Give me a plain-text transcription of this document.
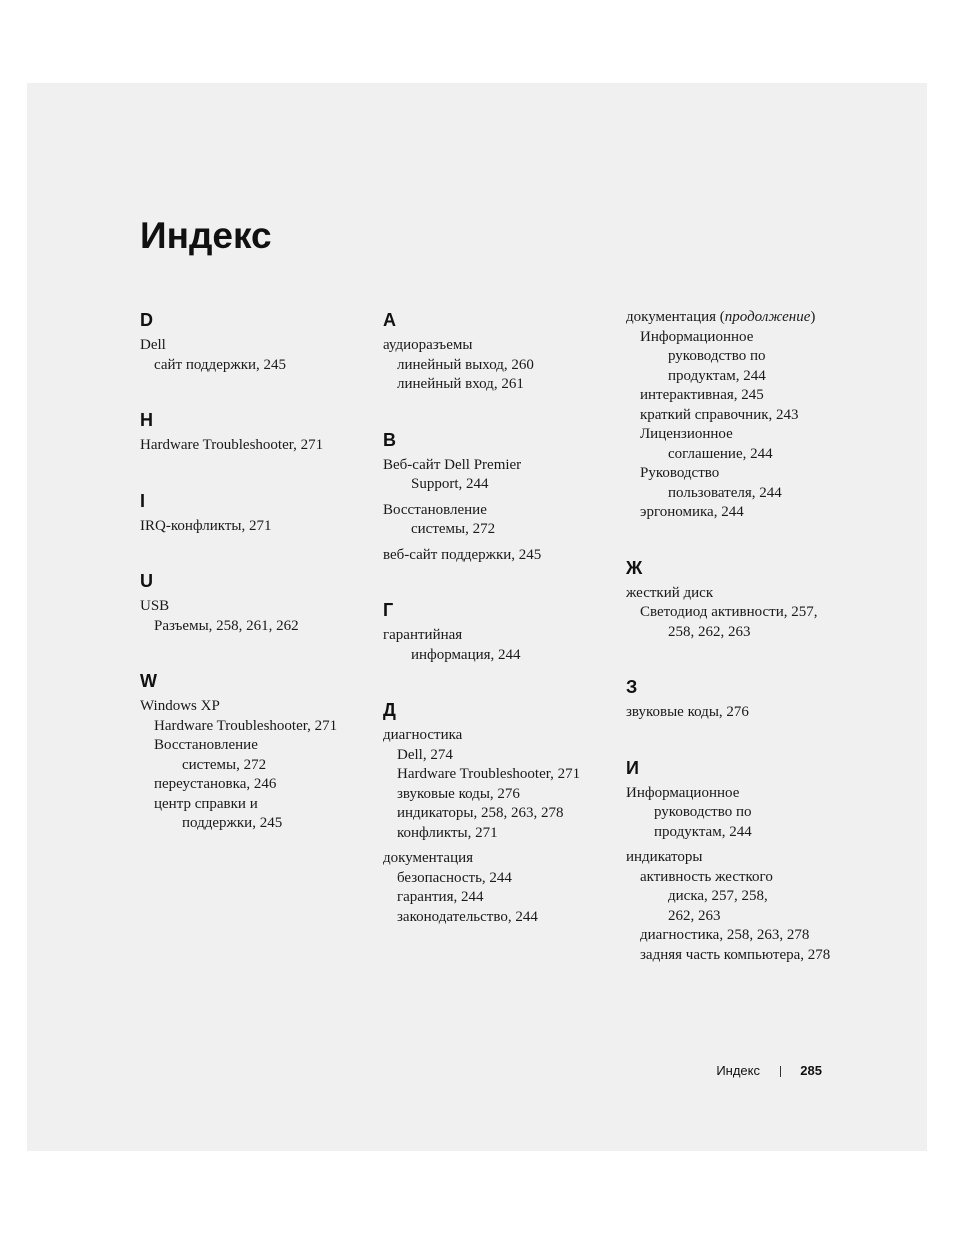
Индекс
D
Dell
сайт поддержки, 245
H
Hardware Troubleshooter, 271
I
IRQ-конфликты, 271
U
USB
Разъемы, 258, 261, 262
W
Windows XP
Hardware Troubleshooter, 271
Восстановление
системы, 272
переустановка, 246
центр справки и
поддержки, 245
А
аудиоразъемы
линейный выход, 260
линейный вход, 261
В
Веб-сайт Dell Premier
Support, 244
Восстановление
системы, 272
веб-сайт поддержки, 245
Г
гарантийная
информация, 244
Д
диагностика
Dell, 274
Hardware Troubleshooter, 271
звуковые коды, 276
индикаторы, 258, 263, 278
конфликты, 271
документация
безопасность, 244
гарантия, 244
законодательство, 244
документация (продолжение)
Информационное
руководство по
продуктам, 244
интерактивная, 245
краткий справочник, 243
Лицензионное
соглашение, 244
Руководство
пользователя, 244
эргономика, 244
Ж
жесткий диск
Светодиод активности, 257,
258, 262, 263
З
звуковые коды, 276
И
Информационное
руководство по
продуктам, 244
индикаторы
активность жесткого
диска, 257, 258,
262, 263
диагностика, 258, 263, 278
задняя часть компьютера, 278
Индекс	285
